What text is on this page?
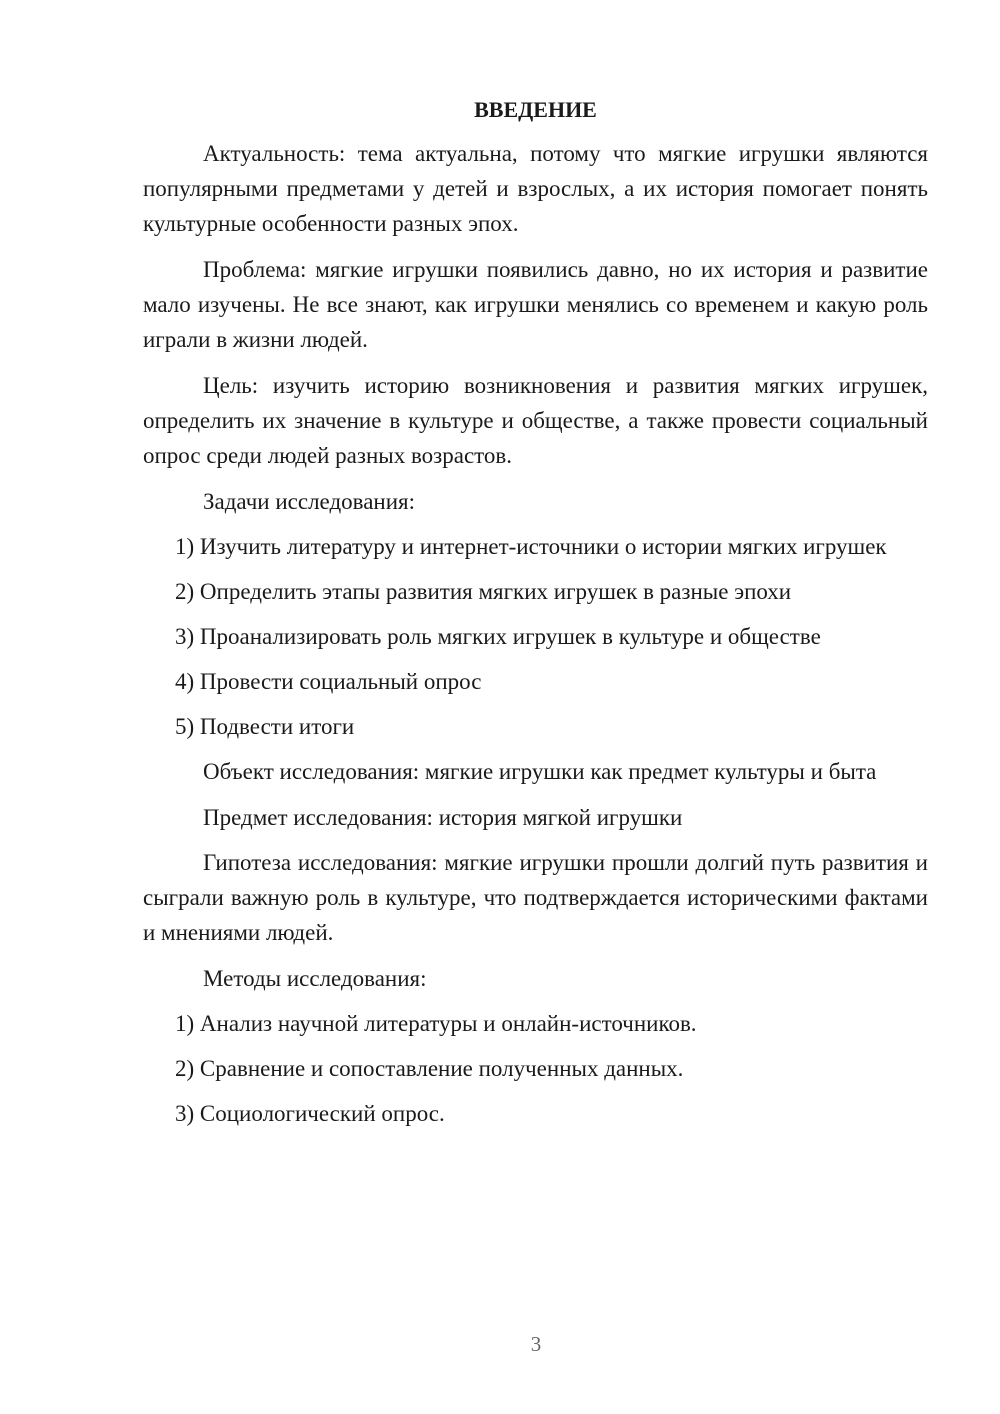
ВВЕДЕНИЕ

Актуальность: тема актуальна, потому что мягкие игрушки являются популярными предметами у детей и взрослых, а их история помогает понять культурные особенности разных эпох.

Проблема: мягкие игрушки появились давно, но их история и развитие мало изучены. Не все знают, как игрушки менялись со временем и какую роль играли в жизни людей.

Цель: изучить историю возникновения и развития мягких игрушек, определить их значение в культуре и обществе, а также провести социальный опрос среди людей разных возрастов.

Задачи исследования:

1) Изучить литературу и интернет-источники о истории мягких игрушек

2) Определить этапы развития мягких игрушек в разные эпохи

3) Проанализировать роль мягких игрушек в культуре и обществе

4) Провести социальный опрос

5) Подвести итоги

Объект исследования: мягкие игрушки как предмет культуры и быта

Предмет исследования: история мягкой игрушки

Гипотеза исследования: мягкие игрушки прошли долгий путь развития и сыграли важную роль в культуре, что подтверждается историческими фактами и мнениями людей.

Методы исследования:

1) Анализ научной литературы и онлайн-источников.

2) Сравнение и сопоставление полученных данных.

3) Социологический опрос.

3
